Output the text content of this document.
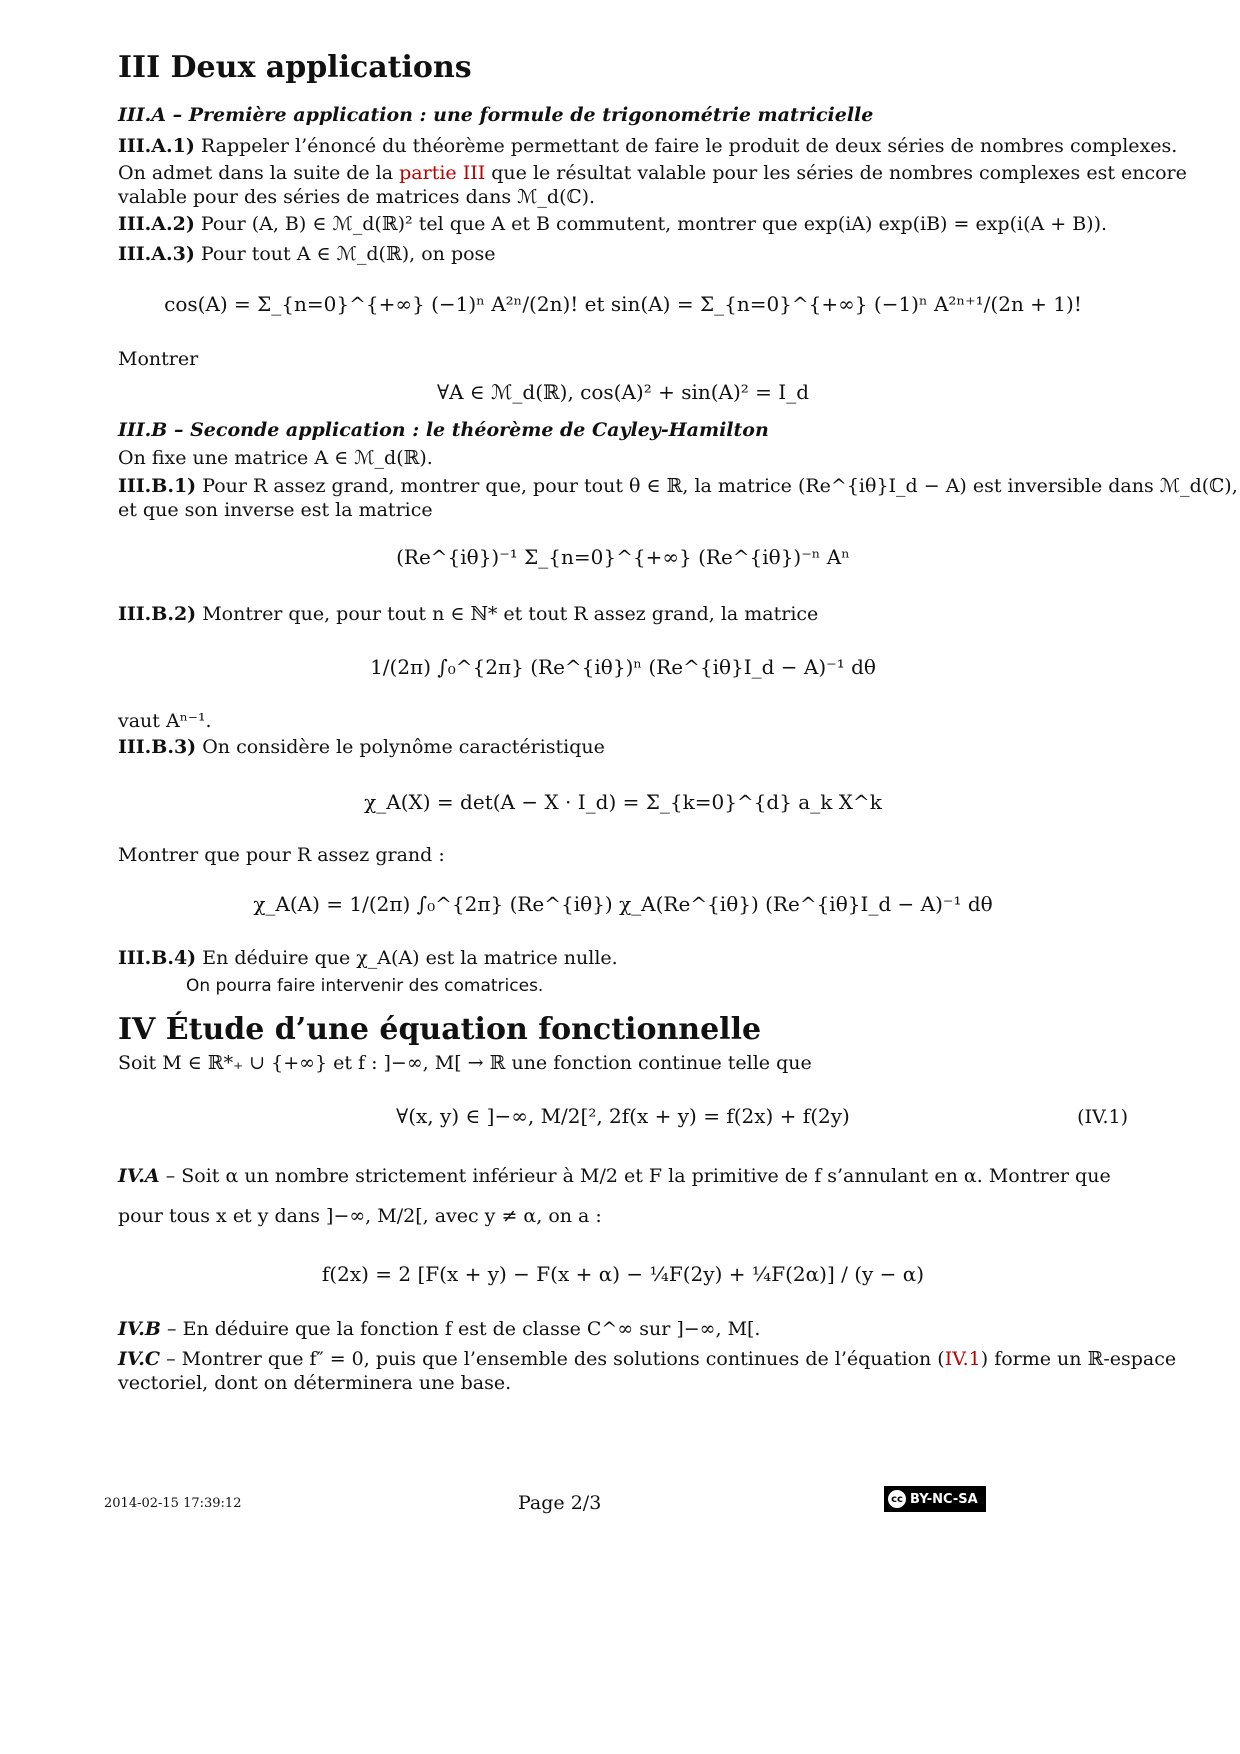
III Deux applications
III.A – Première application : une formule de trigonométrie matricielle
III.A.1) Rappeler l’énoncé du théorème permettant de faire le produit de deux séries de nombres complexes.
On admet dans la suite de la partie III que le résultat valable pour les séries de nombres complexes est encore
valable pour des séries de matrices dans ℳ_d(ℂ).
III.A.2) Pour (A, B) ∈ ℳ_d(ℝ)² tel que A et B commutent, montrer que exp(iA) exp(iB) = exp(i(A + B)).
III.A.3) Pour tout A ∈ ℳ_d(ℝ), on pose
cos(A) = Σ_{n=0}^{+∞} (−1)ⁿ A²ⁿ/(2n)! et sin(A) = Σ_{n=0}^{+∞} (−1)ⁿ A²ⁿ⁺¹/(2n + 1)!
Montrer
∀A ∈ ℳ_d(ℝ), cos(A)² + sin(A)² = I_d
III.B – Seconde application : le théorème de Cayley-Hamilton
On fixe une matrice A ∈ ℳ_d(ℝ).
III.B.1) Pour R assez grand, montrer que, pour tout θ ∈ ℝ, la matrice (Re^{iθ}I_d − A) est inversible dans ℳ_d(ℂ),
et que son inverse est la matrice
(Re^{iθ})⁻¹ Σ_{n=0}^{+∞} (Re^{iθ})⁻ⁿ Aⁿ
III.B.2) Montrer que, pour tout n ∈ ℕ* et tout R assez grand, la matrice
1/(2π) ∫₀^{2π} (Re^{iθ})ⁿ (Re^{iθ}I_d − A)⁻¹ dθ
vaut Aⁿ⁻¹.
III.B.3) On considère le polynôme caractéristique
χ_A(X) = det(A − X · I_d) = Σ_{k=0}^{d} a_k X^k
Montrer que pour R assez grand :
χ_A(A) = 1/(2π) ∫₀^{2π} (Re^{iθ}) χ_A(Re^{iθ}) (Re^{iθ}I_d − A)⁻¹ dθ
III.B.4) En déduire que χ_A(A) est la matrice nulle.
On pourra faire intervenir des comatrices.
IV Étude d’une équation fonctionnelle
Soit M ∈ ℝ*₊ ∪ {+∞} et f : ]−∞, M[ → ℝ une fonction continue telle que
∀(x, y) ∈ ]−∞, M/2[², 2f(x + y) = f(2x) + f(2y)	(IV.1)
IV.A – Soit α un nombre strictement inférieur à M/2 et F la primitive de f s’annulant en α. Montrer que
pour tous x et y dans ]−∞, M/2[, avec y ≠ α, on a :
f(2x) = 2 [F(x + y) − F(x + α) − ¼F(2y) + ¼F(2α)] / (y − α)
IV.B – En déduire que la fonction f est de classe C^∞ sur ]−∞, M[.
IV.C – Montrer que f″ = 0, puis que l’ensemble des solutions continues de l’équation (IV.1) forme un ℝ-espace
vectoriel, dont on déterminera une base.
2014-02-15 17:39:12	Page 2/3	cc BY-NC-SA
